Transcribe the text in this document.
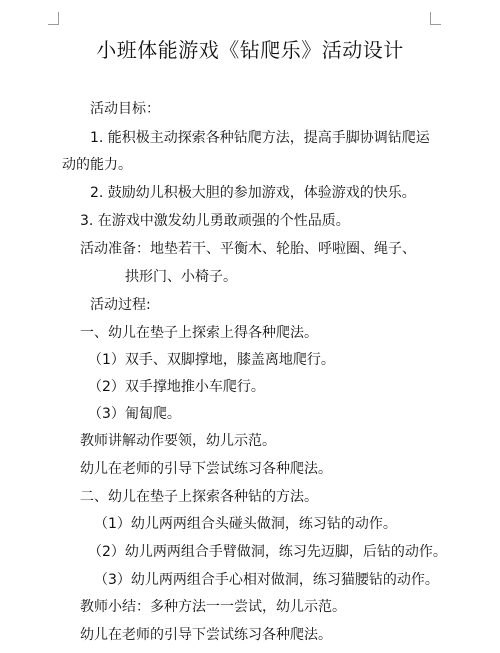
小班体能游戏《钻爬乐》活动设计
活动目标：
1. 能积极主动探索各种钻爬方法，提高手脚协调钻爬运
动的能力。
2. 鼓励幼儿积极大胆的参加游戏，体验游戏的快乐。
3. 在游戏中激发幼儿勇敢顽强的个性品质。
活动准备：地垫若干、平衡木、轮胎、呼啦圈、绳子、
拱形门、小椅子。
活动过程:
一、幼儿在垫子上探索上得各种爬法。
（1）双手、双脚撑地，膝盖离地爬行。
（2）双手撑地推小车爬行。
（3）匍匐爬。
教师讲解动作要领，幼儿示范。
幼儿在老师的引导下尝试练习各种爬法。
二、幼儿在垫子上探索各种钻的方法。
（1）幼儿两两组合头碰头做洞，练习钻的动作。
（2）幼儿两两组合手臂做洞，练习先迈脚，后钻的动作。
（3）幼儿两两组合手心相对做洞，练习猫腰钻的动作。
教师小结：多种方法一一尝试，幼儿示范。
幼儿在老师的引导下尝试练习各种爬法。
